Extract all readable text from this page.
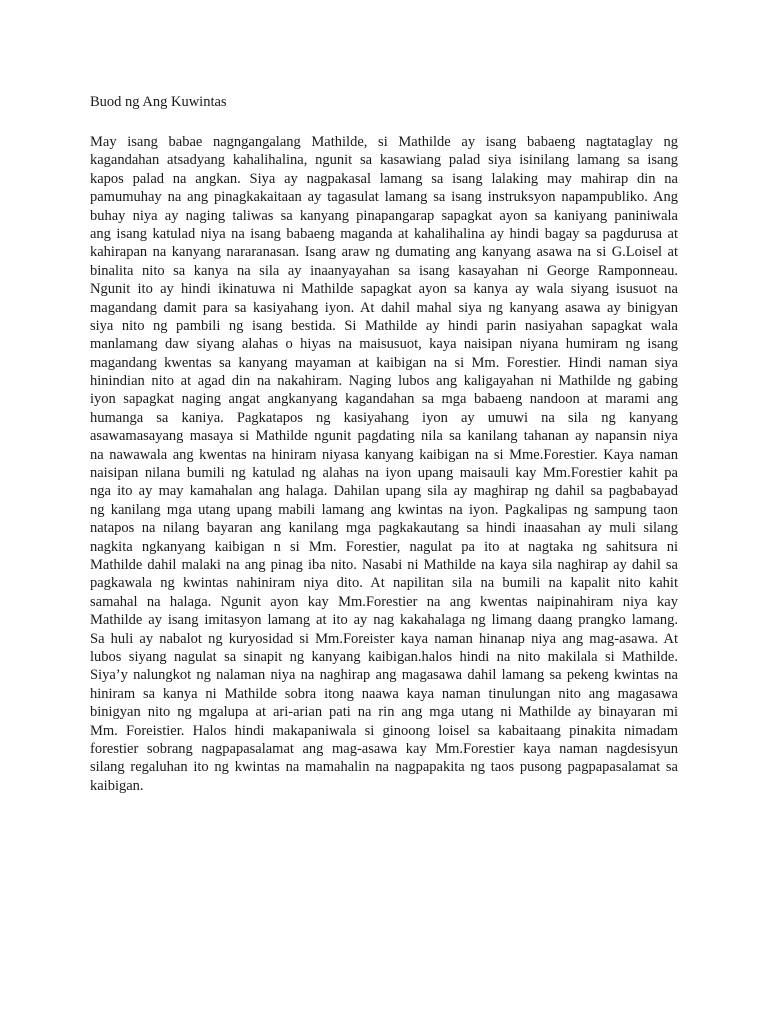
Buod ng Ang Kuwintas
May isang babae nagngangalang Mathilde, si Mathilde ay isang babaeng nagtataglay ng
kagandahan atsadyang kahalihalina, ngunit sa kasawiang palad siya isinilang lamang sa isang
kapos palad na angkan. Siya ay nagpakasal lamang sa isang lalaking may mahirap din na
pamumuhay na ang pinagkakaitaan ay tagasulat lamang sa isang instruksyon napampubliko. Ang
buhay niya ay naging taliwas sa kanyang pinapangarap sapagkat ayon sa kaniyang paniniwala
ang isang katulad niya na isang babaeng maganda at kahalihalina ay hindi bagay sa pagdurusa at
kahirapan na kanyang nararanasan. Isang araw ng dumating ang kanyang asawa na si G.Loisel at
binalita nito sa kanya na sila ay inaanyayahan sa isang kasayahan ni George Ramponneau.
Ngunit ito ay hindi ikinatuwa ni Mathilde sapagkat ayon sa kanya ay wala siyang isusuot na
magandang damit para sa kasiyahang iyon. At dahil mahal siya ng kanyang asawa ay binigyan
siya nito ng pambili ng isang bestida. Si Mathilde ay hindi parin nasiyahan sapagkat wala
manlamang daw siyang alahas o hiyas na maisusuot, kaya naisipan niyana humiram ng isang
magandang kwentas sa kanyang mayaman at kaibigan na si Mm. Forestier. Hindi naman siya
hinindian nito at agad din na nakahiram. Naging lubos ang kaligayahan ni Mathilde ng gabing
iyon sapagkat naging angat angkanyang kagandahan sa mga babaeng nandoon at marami ang
humanga sa kaniya. Pagkatapos ng kasiyahang iyon ay umuwi na sila ng kanyang
asawamasayang masaya si Mathilde ngunit pagdating nila sa kanilang tahanan ay napansin niya
na nawawala ang kwentas na hiniram niyasa kanyang kaibigan na si Mme.Forestier. Kaya naman
naisipan nilana bumili ng katulad ng alahas na iyon upang maisauli kay Mm.Forestier kahit pa
nga ito ay may kamahalan ang halaga. Dahilan upang sila ay maghirap ng dahil sa pagbabayad
ng kanilang mga utang upang mabili lamang ang kwintas na iyon. Pagkalipas ng sampung taon
natapos na nilang bayaran ang kanilang mga pagkakautang sa hindi inaasahan ay muli silang
nagkita ngkanyang kaibigan n si Mm. Forestier, nagulat pa ito at nagtaka ng sahitsura ni
Mathilde dahil malaki na ang pinag iba nito. Nasabi ni Mathilde na kaya sila naghirap ay dahil sa
pagkawala ng kwintas nahiniram niya dito. At napilitan sila na bumili na kapalit nito kahit
samahal na halaga. Ngunit ayon kay Mm.Forestier na ang kwentas naipinahiram niya kay
Mathilde ay isang imitasyon lamang at ito ay nag kakahalaga ng limang daang prangko lamang.
Sa huli ay nabalot ng kuryosidad si Mm.Foreister kaya naman hinanap niya ang mag-asawa. At
lubos siyang nagulat sa sinapit ng kanyang kaibigan.halos hindi na nito makilala si Mathilde.
Siya’y nalungkot ng nalaman niya na naghirap ang magasawa dahil lamang sa pekeng kwintas na
hiniram sa kanya ni Mathilde sobra itong naawa kaya naman tinulungan nito ang magasawa
binigyan nito ng mgalupa at ari-arian pati na rin ang mga utang ni Mathilde ay binayaran mi
Mm. Foreistier. Halos hindi makapaniwala si ginoong loisel sa kabaitaang pinakita nimadam
forestier sobrang nagpapasalamat ang mag-asawa kay Mm.Forestier kaya naman nagdesisyun
silang regaluhan ito ng kwintas na mamahalin na nagpapakita ng taos pusong pagpapasalamat sa
kaibigan.
